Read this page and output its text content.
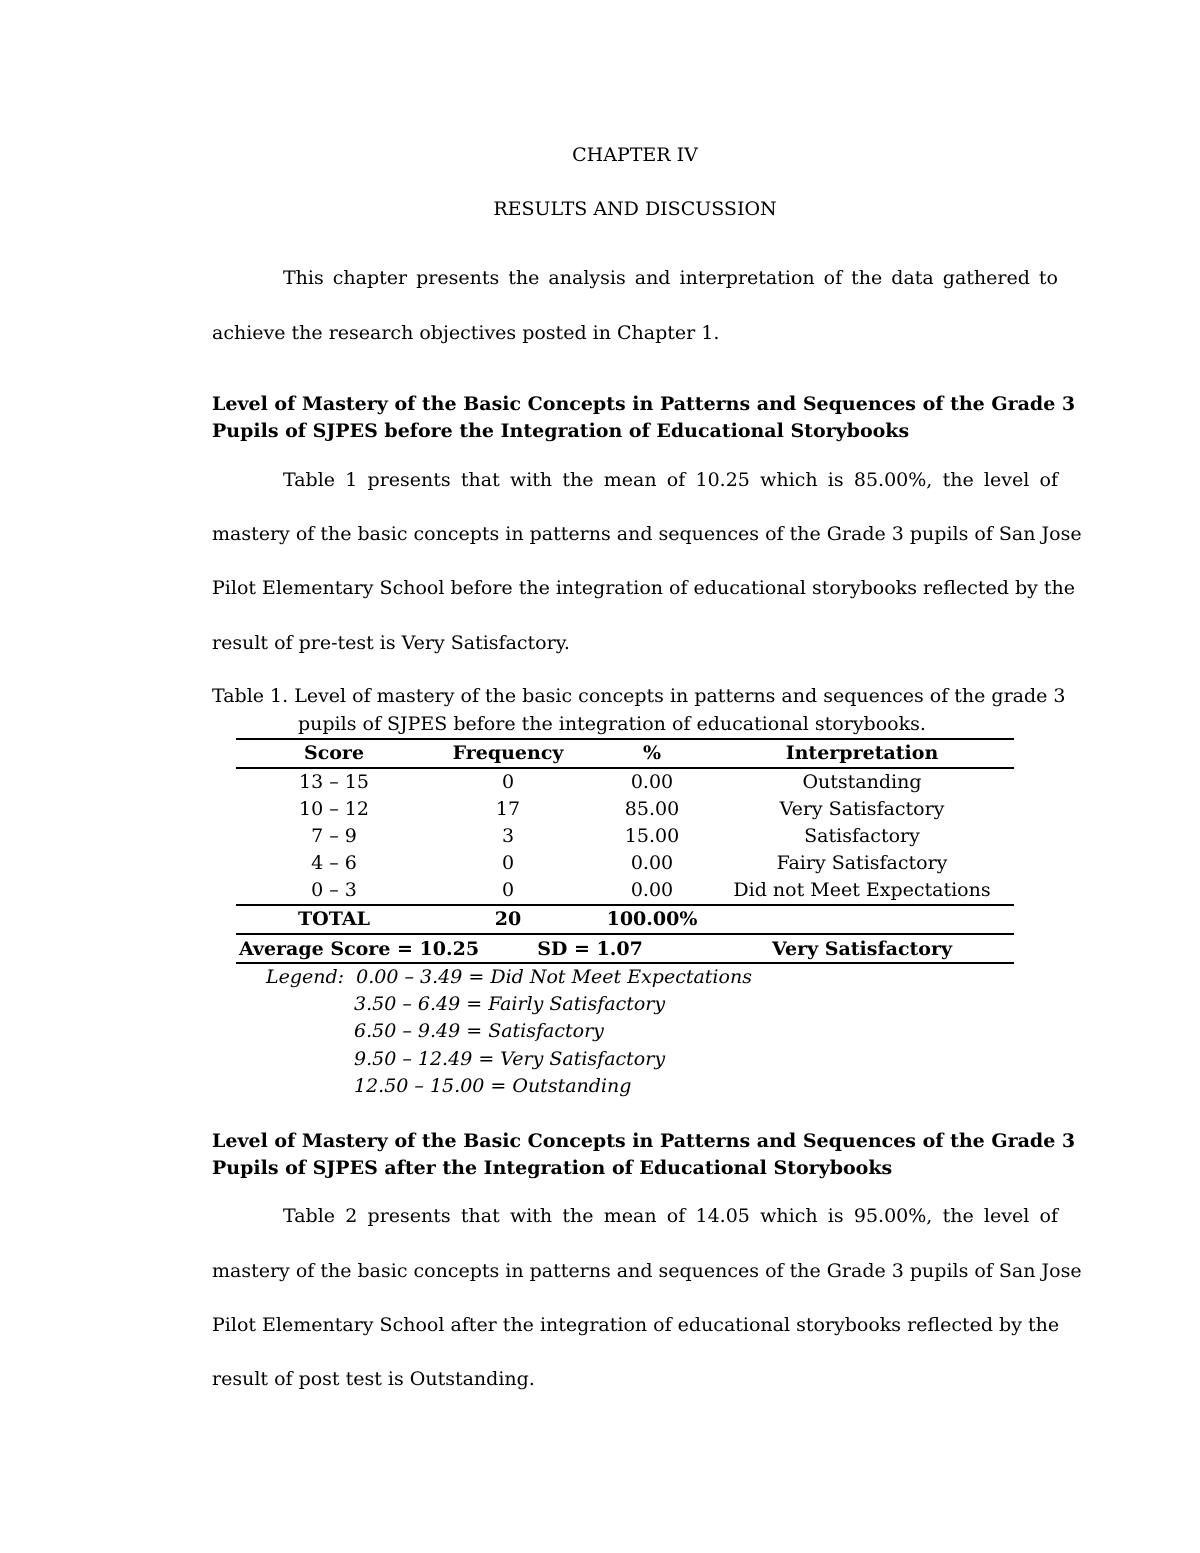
CHAPTER IV
RESULTS AND DISCUSSION
This chapter presents the analysis and interpretation of the data gathered to
achieve the research objectives posted in Chapter 1.
Level of Mastery of the Basic Concepts in Patterns and Sequences of the Grade 3
Pupils of SJPES before the Integration of Educational Storybooks
Table 1 presents that with the mean of 10.25 which is 85.00%, the level of
mastery of the basic concepts in patterns and sequences of the Grade 3 pupils of San Jose
Pilot Elementary School before the integration of educational storybooks reflected by the
result of pre-test is Very Satisfactory.
Table 1. Level of mastery of the basic concepts in patterns and sequences of the grade 3
pupils of SJPES before the integration of educational storybooks.
Score	Frequency	%	Interpretation
13 – 15	0	0.00	Outstanding
10 – 12	17	85.00	Very Satisfactory
7 – 9	3	15.00	Satisfactory
4 – 6	0	0.00	Fairy Satisfactory
0 – 3	0	0.00	Did not Meet Expectations
TOTAL	20	100.00%
Average Score = 10.25	SD = 1.07	Very Satisfactory
Legend:  0.00 – 3.49 = Did Not Meet Expectations
3.50 – 6.49 = Fairly Satisfactory
6.50 – 9.49 = Satisfactory
9.50 – 12.49 = Very Satisfactory
12.50 – 15.00 = Outstanding
Level of Mastery of the Basic Concepts in Patterns and Sequences of the Grade 3
Pupils of SJPES after the Integration of Educational Storybooks
Table 2 presents that with the mean of 14.05 which is 95.00%, the level of
mastery of the basic concepts in patterns and sequences of the Grade 3 pupils of San Jose
Pilot Elementary School after the integration of educational storybooks reflected by the
result of post test is Outstanding.
